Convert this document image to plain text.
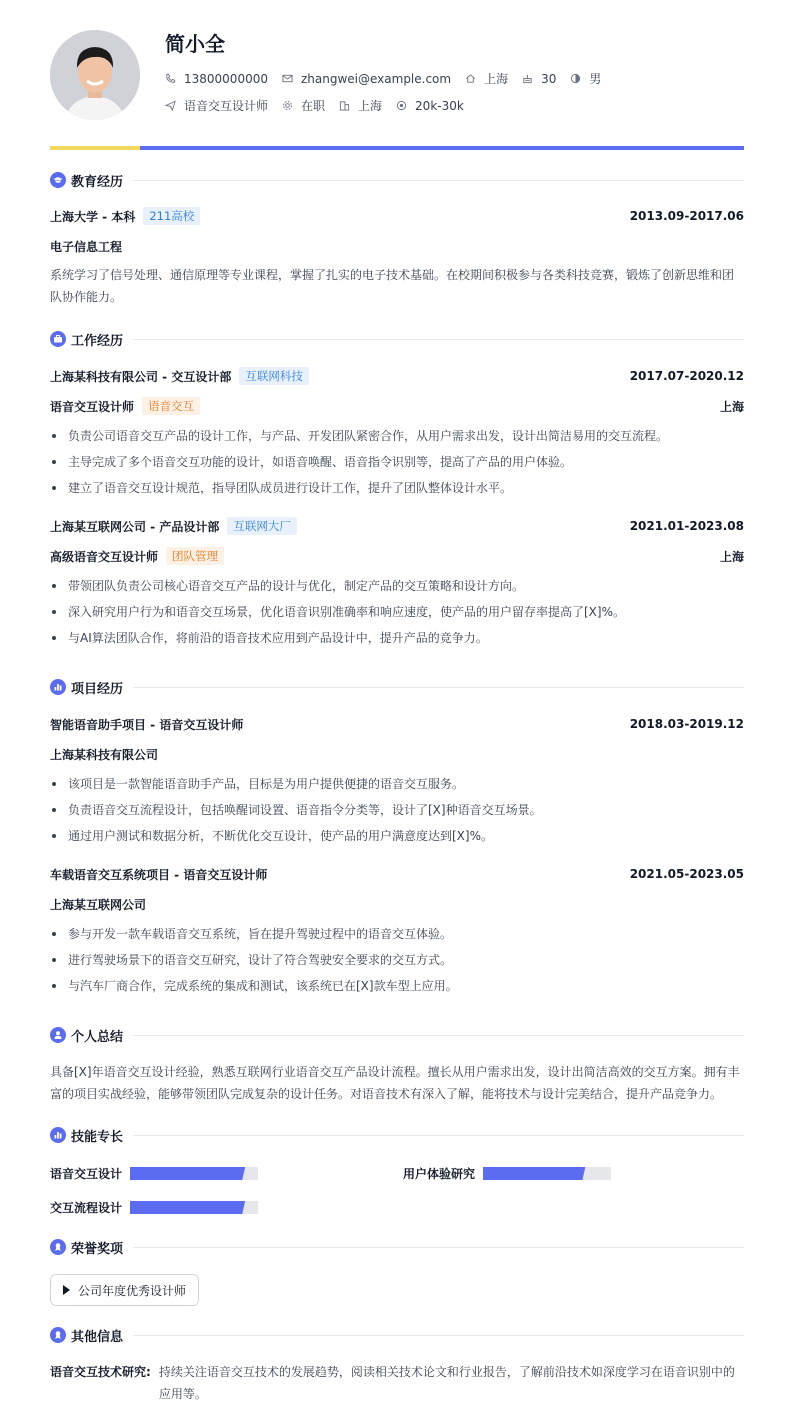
简小全
13800000000	zhangwei@example.com	上海	30	男
语音交互设计师	在职	上海	20k-30k
教育经历
上海大学 - 本科	211高校	2013.09-2017.06
电子信息工程
系统学习了信号处理、通信原理等专业课程，掌握了扎实的电子技术基础。在校期间积极参与各类科技竞赛，锻炼了创新思维和团队协作能力。
工作经历
上海某科技有限公司 - 交互设计部	互联网科技	2017.07-2020.12
语音交互设计师	语音交互	上海
负责公司语音交互产品的设计工作，与产品、开发团队紧密合作，从用户需求出发，设计出简洁易用的交互流程。
主导完成了多个语音交互功能的设计，如语音唤醒、语音指令识别等，提高了产品的用户体验。
建立了语音交互设计规范，指导团队成员进行设计工作，提升了团队整体设计水平。
上海某互联网公司 - 产品设计部	互联网大厂	2021.01-2023.08
高级语音交互设计师	团队管理	上海
带领团队负责公司核心语音交互产品的设计与优化，制定产品的交互策略和设计方向。
深入研究用户行为和语音交互场景，优化语音识别准确率和响应速度，使产品的用户留存率提高了[X]%。
与AI算法团队合作，将前沿的语音技术应用到产品设计中，提升产品的竞争力。
项目经历
智能语音助手项目 - 语音交互设计师	2018.03-2019.12
上海某科技有限公司
该项目是一款智能语音助手产品，目标是为用户提供便捷的语音交互服务。
负责语音交互流程设计，包括唤醒词设置、语音指令分类等，设计了[X]种语音交互场景。
通过用户测试和数据分析，不断优化交互设计，使产品的用户满意度达到[X]%。
车载语音交互系统项目 - 语音交互设计师	2021.05-2023.05
上海某互联网公司
参与开发一款车载语音交互系统，旨在提升驾驶过程中的语音交互体验。
进行驾驶场景下的语音交互研究，设计了符合驾驶安全要求的交互方式。
与汽车厂商合作，完成系统的集成和测试，该系统已在[X]款车型上应用。
个人总结
具备[X]年语音交互设计经验，熟悉互联网行业语音交互产品设计流程。擅长从用户需求出发，设计出简洁高效的交互方案。拥有丰富的项目实战经验，能够带领团队完成复杂的设计任务。对语音技术有深入了解，能将技术与设计完美结合，提升产品竞争力。
技能专长
语音交互设计	用户体验研究
交互流程设计
荣誉奖项
公司年度优秀设计师
其他信息
语音交互技术研究: 持续关注语音交互技术的发展趋势，阅读相关技术论文和行业报告，了解前沿技术如深度学习在语音识别中的应用等。
